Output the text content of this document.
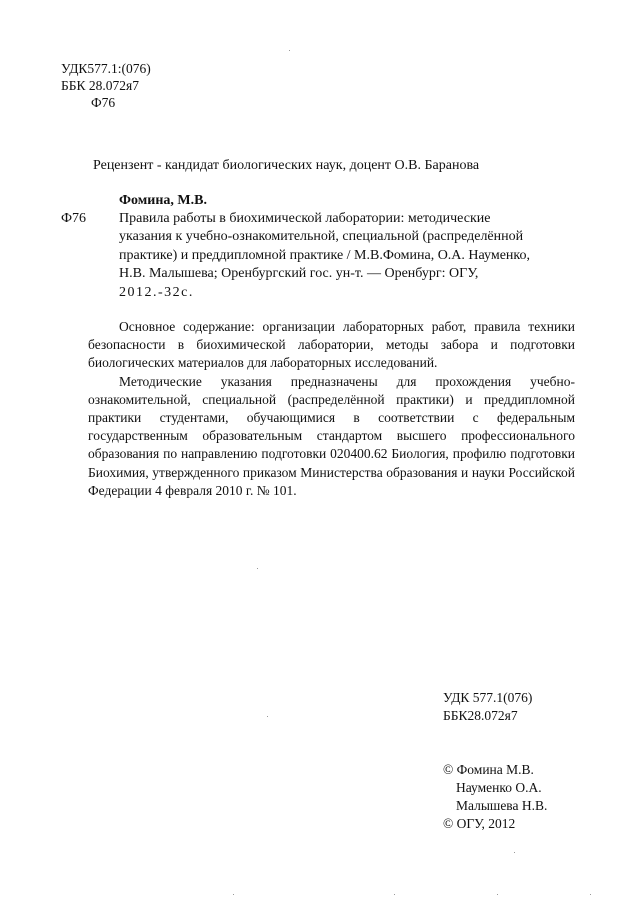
УДК577.1:(076)
ББК 28.072я7
Ф76
Рецензент - кандидат биологических наук, доцент О.В. Баранова
Фомина, М.В.
Ф76 Правила работы в биохимической лаборатории: методические
указания к учебно-ознакомительной, специальной (распределённой
практике) и преддипломной практике / М.В.Фомина, О.А. Науменко,
Н.В. Малышева; Оренбургский гос. ун-т. — Оренбург: ОГУ,
2012.-32с.

Основное содержание: организации лабораторных работ, правила техники безопасности в биохимической лаборатории, методы забора и подготовки биологических материалов для лабораторных исследований.

Методические указания предназначены для прохождения учебно-ознакомительной, специальной (распределённой практики) и преддипломной практики студентами, обучающимися в соответствии с федеральным государственным образовательным стандартом высшего профессионального образования по направлению подготовки 020400.62 Биология, профилю подготовки Биохимия, утвержденного приказом Министерства образования и науки Российской Федерации 4 февраля 2010 г. № 101.

УДК 577.1(076)
ББК28.072я7
© Фомина М.В.
Науменко О.А.
Малышева Н.В.
© ОГУ, 2012
